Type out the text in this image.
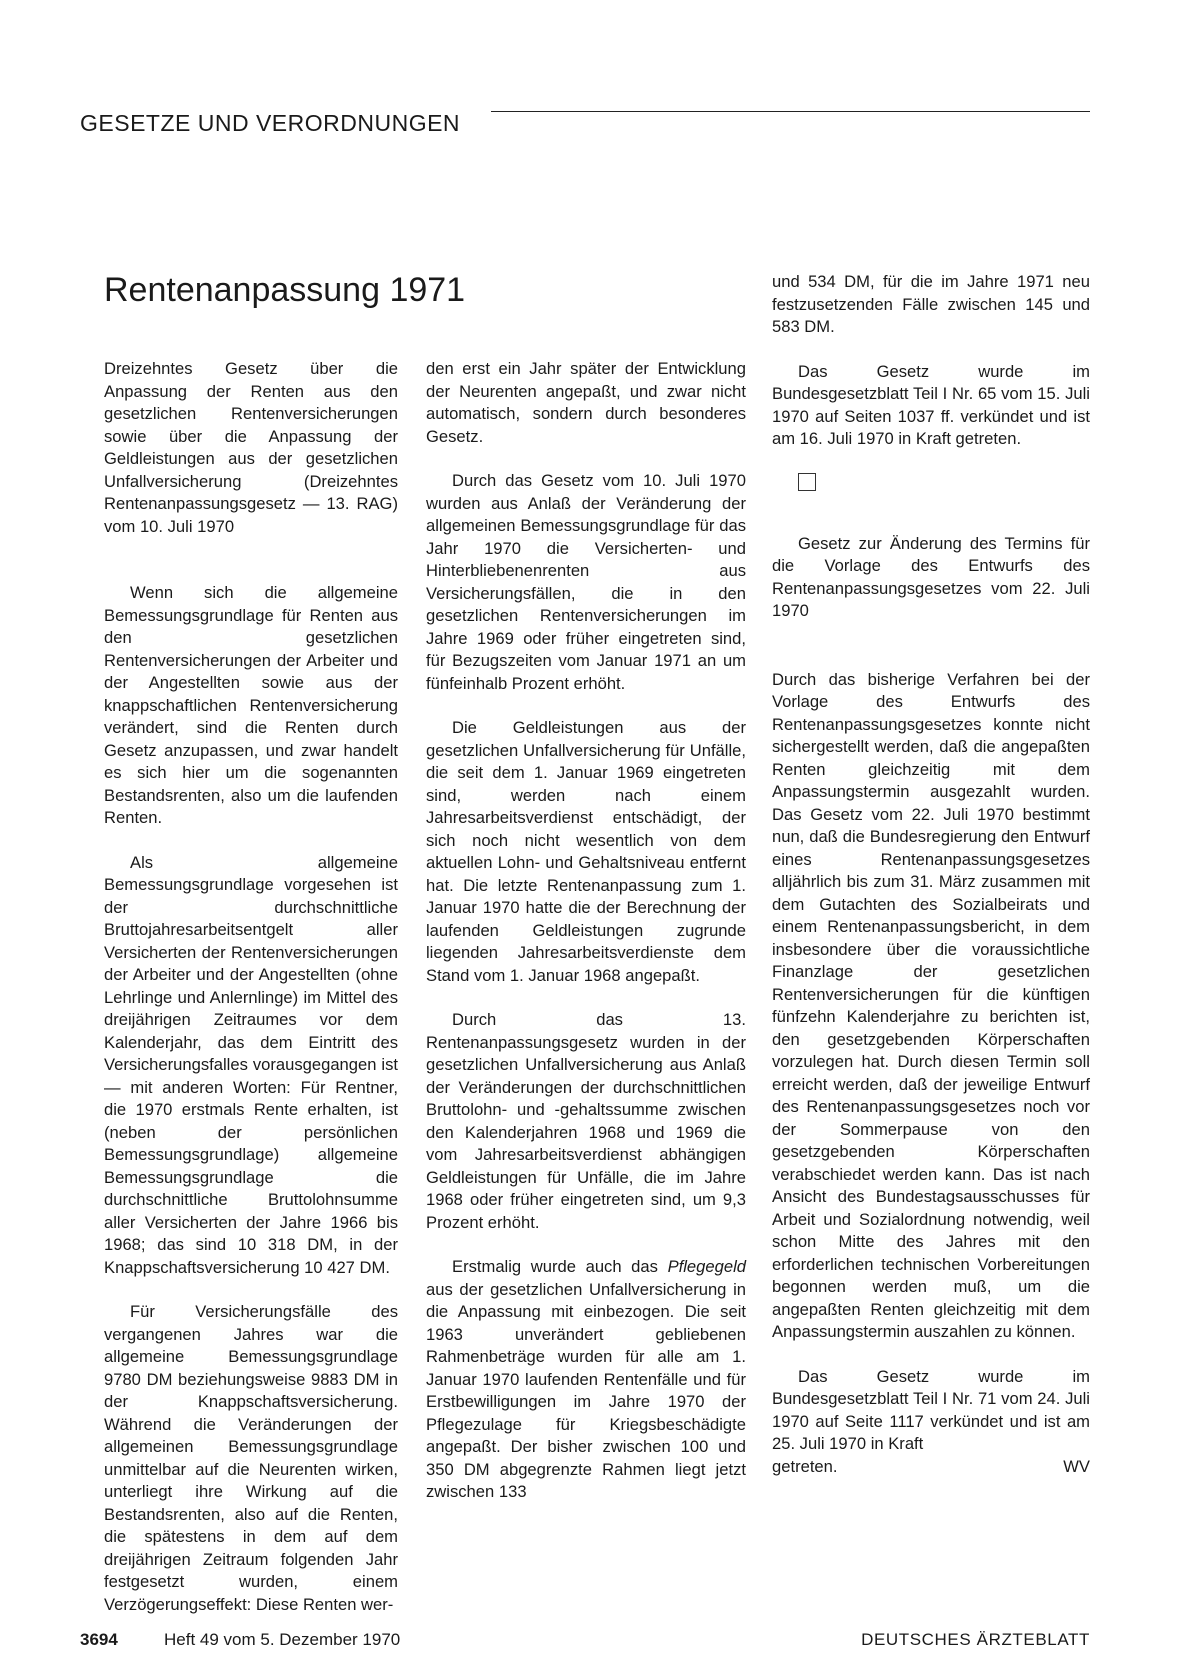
GESETZE UND VERORDNUNGEN
Rentenanpassung 1971

Dreizehntes Gesetz über die Anpassung der Renten aus den gesetzlichen Rentenversicherungen sowie über die Anpassung der Geldleistungen aus der gesetzlichen Unfallversicherung (Dreizehntes Rentenanpassungsgesetz — 13. RAG) vom 10. Juli 1970

Wenn sich die allgemeine Bemessungsgrundlage für Renten aus den gesetzlichen Rentenversicherungen der Arbeiter und der Angestellten sowie aus der knappschaftlichen Rentenversicherung verändert, sind die Renten durch Gesetz anzupassen, und zwar handelt es sich hier um die sogenannten Bestandsrenten, also um die laufenden Renten.

Als allgemeine Bemessungsgrundlage vorgesehen ist der durchschnittliche Bruttojahresarbeitsentgelt aller Versicherten der Rentenversicherungen der Arbeiter und der Angestellten (ohne Lehrlinge und Anlernlinge) im Mittel des dreijährigen Zeitraumes vor dem Kalenderjahr, das dem Eintritt des Versicherungsfalles vorausgegangen ist — mit anderen Worten: Für Rentner, die 1970 erstmals Rente erhalten, ist (neben der persönlichen Bemessungsgrundlage) allgemeine Bemessungsgrundlage die durchschnittliche Bruttolohnsumme aller Versicherten der Jahre 1966 bis 1968; das sind 10 318 DM, in der Knappschaftsversicherung 10 427 DM.

Für Versicherungsfälle des vergangenen Jahres war die allgemeine Bemessungsgrundlage 9780 DM beziehungsweise 9883 DM in der Knappschaftsversicherung. Während die Veränderungen der allgemeinen Bemessungsgrundlage unmittelbar auf die Neurenten wirken, unterliegt ihre Wirkung auf die Bestandsrenten, also auf die Renten, die spätestens in dem auf dem dreijährigen Zeitraum folgenden Jahr festgesetzt wurden, einem Verzögerungseffekt: Diese Renten wer-

den erst ein Jahr später der Entwicklung der Neurenten angepaßt, und zwar nicht automatisch, sondern durch besonderes Gesetz.

Durch das Gesetz vom 10. Juli 1970 wurden aus Anlaß der Veränderung der allgemeinen Bemessungsgrundlage für das Jahr 1970 die Versicherten- und Hinterbliebenenrenten aus Versicherungsfällen, die in den gesetzlichen Rentenversicherungen im Jahre 1969 oder früher eingetreten sind, für Bezugszeiten vom Januar 1971 an um fünfeinhalb Prozent erhöht.

Die Geldleistungen aus der gesetzlichen Unfallversicherung für Unfälle, die seit dem 1. Januar 1969 eingetreten sind, werden nach einem Jahresarbeitsverdienst entschädigt, der sich noch nicht wesentlich von dem aktuellen Lohn- und Gehaltsniveau entfernt hat. Die letzte Rentenanpassung zum 1. Januar 1970 hatte die der Berechnung der laufenden Geldleistungen zugrunde liegenden Jahresarbeitsverdienste dem Stand vom 1. Januar 1968 angepaßt.

Durch das 13. Rentenanpassungsgesetz wurden in der gesetzlichen Unfallversicherung aus Anlaß der Veränderungen der durchschnittlichen Bruttolohn- und -gehaltssumme zwischen den Kalenderjahren 1968 und 1969 die vom Jahresarbeitsverdienst abhängigen Geldleistungen für Unfälle, die im Jahre 1968 oder früher eingetreten sind, um 9,3 Prozent erhöht.

Erstmalig wurde auch das Pflegegeld aus der gesetzlichen Unfallversicherung in die Anpassung mit einbezogen. Die seit 1963 unverändert gebliebenen Rahmenbeträge wurden für alle am 1. Januar 1970 laufenden Rentenfälle und für Erstbewilligungen im Jahre 1970 der Pflegezulage für Kriegsbeschädigte angepaßt. Der bisher zwischen 100 und 350 DM abgegrenzte Rahmen liegt jetzt zwischen 133

und 534 DM, für die im Jahre 1971 neu festzusetzenden Fälle zwischen 145 und 583 DM.

Das Gesetz wurde im Bundesgesetzblatt Teil I Nr. 65 vom 15. Juli 1970 auf Seiten 1037 ff. verkündet und ist am 16. Juli 1970 in Kraft getreten.

Gesetz zur Änderung des Termins für die Vorlage des Entwurfs des Rentenanpassungsgesetzes vom 22. Juli 1970

Durch das bisherige Verfahren bei der Vorlage des Entwurfs des Rentenanpassungsgesetzes konnte nicht sichergestellt werden, daß die angepaßten Renten gleichzeitig mit dem Anpassungstermin ausgezahlt wurden. Das Gesetz vom 22. Juli 1970 bestimmt nun, daß die Bundesregierung den Entwurf eines Rentenanpassungsgesetzes alljährlich bis zum 31. März zusammen mit dem Gutachten des Sozialbeirats und einem Rentenanpassungsbericht, in dem insbesondere über die voraussichtliche Finanzlage der gesetzlichen Rentenversicherungen für die künftigen fünfzehn Kalenderjahre zu berichten ist, den gesetzgebenden Körperschaften vorzulegen hat. Durch diesen Termin soll erreicht werden, daß der jeweilige Entwurf des Rentenanpassungsgesetzes noch vor der Sommerpause von den gesetzgebenden Körperschaften verabschiedet werden kann. Das ist nach Ansicht des Bundestagsausschusses für Arbeit und Sozialordnung notwendig, weil schon Mitte des Jahres mit den erforderlichen technischen Vorbereitungen begonnen werden muß, um die angepaßten Renten gleichzeitig mit dem Anpassungstermin auszahlen zu können.

Das Gesetz wurde im Bundesgesetzblatt Teil I Nr. 71 vom 24. Juli 1970 auf Seite 1117 verkündet und ist am 25. Juli 1970 in Kraft

getreten.	WV
3694	Heft 49 vom 5. Dezember 1970	DEUTSCHES ÄRZTEBLATT
